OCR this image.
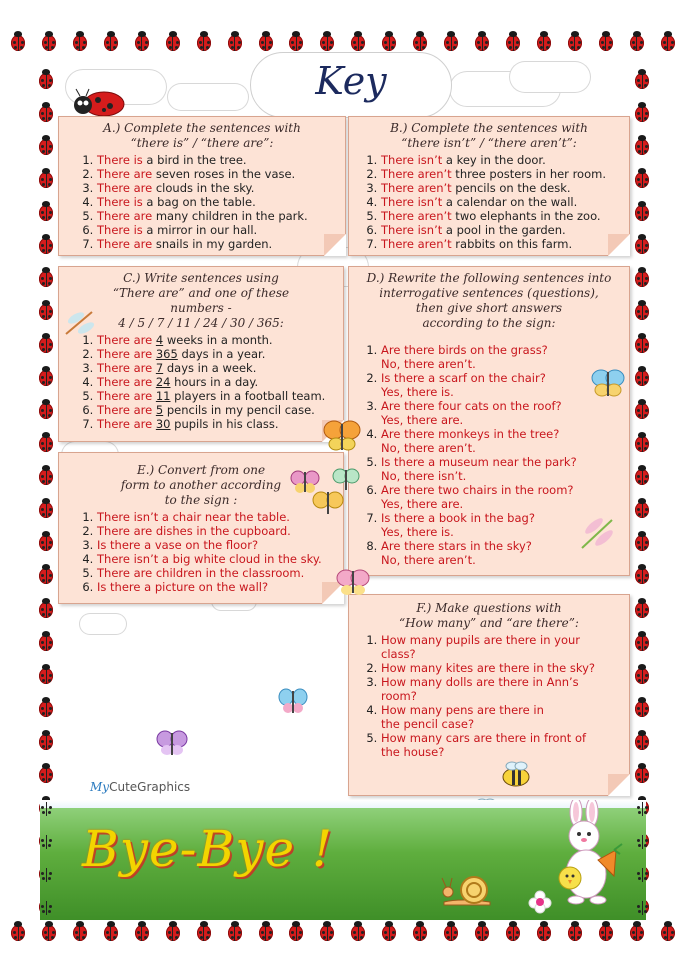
Key
A.) Complete the sentences with
“there is” / “there are”:
1. There is a bird in the tree.
2. There are seven roses in the vase.
3. There are clouds in the sky.
4. There is a bag on the table.
5. There are many children in the park.
6. There is a mirror in our hall.
7. There are snails in my garden.
B.) Complete the sentences with
“there isn’t” / “there aren’t”:
1. There isn’t a key in the door.
2. There aren’t three posters in her room.
3. There aren’t pencils on the desk.
4. There isn’t a calendar on the wall.
5. There aren’t two elephants in the zoo.
6. There isn’t a pool in the garden.
7. There aren’t rabbits on this farm.
C.) Write sentences using
“There are” and one of these
numbers -
4 / 5 / 7 / 11 / 24 / 30 / 365:
1. There are 4 weeks in a month.
2. There are 365 days in a year.
3. There are 7 days in a week.
4. There are 24 hours in a day.
5. There are 11 players in a football team.
6. There are 5 pencils in my pencil case.
7. There are 30 pupils in his class.
D.) Rewrite the following sentences into
interrogative sentences (questions),
then give short answers
according to the sign:
1. Are there birds on the grass?
No, there aren’t.
2. Is there a scarf on the chair?
Yes, there is.
3. Are there four cats on the roof?
Yes, there are.
4. Are there monkeys in the tree?
No, there aren’t.
5. Is there a museum near the park?
No, there isn’t.
6. Are there two chairs in the room?
Yes, there are.
7. Is there a book in the bag?
Yes, there is.
8. Are there stars in the sky?
No, there aren’t.
E.) Convert from one
form to another according
to the sign :
1. There isn’t a chair near the table.
2. There are dishes in the cupboard.
3. Is there a vase on the floor?
4. There isn’t a big white cloud in the sky.
5. There are children in the classroom.
6. Is there a picture on the wall?
F.) Make questions with
“How many” and “are there”:
1. How many pupils are there in your
class?
2. How many kites are there in the sky?
3. How many dolls are there in Ann’s
room?
4. How many pens are there in
the pencil case?
5. How many cars are there in front of
the house?
MyCuteGraphics
Bye-Bye !
